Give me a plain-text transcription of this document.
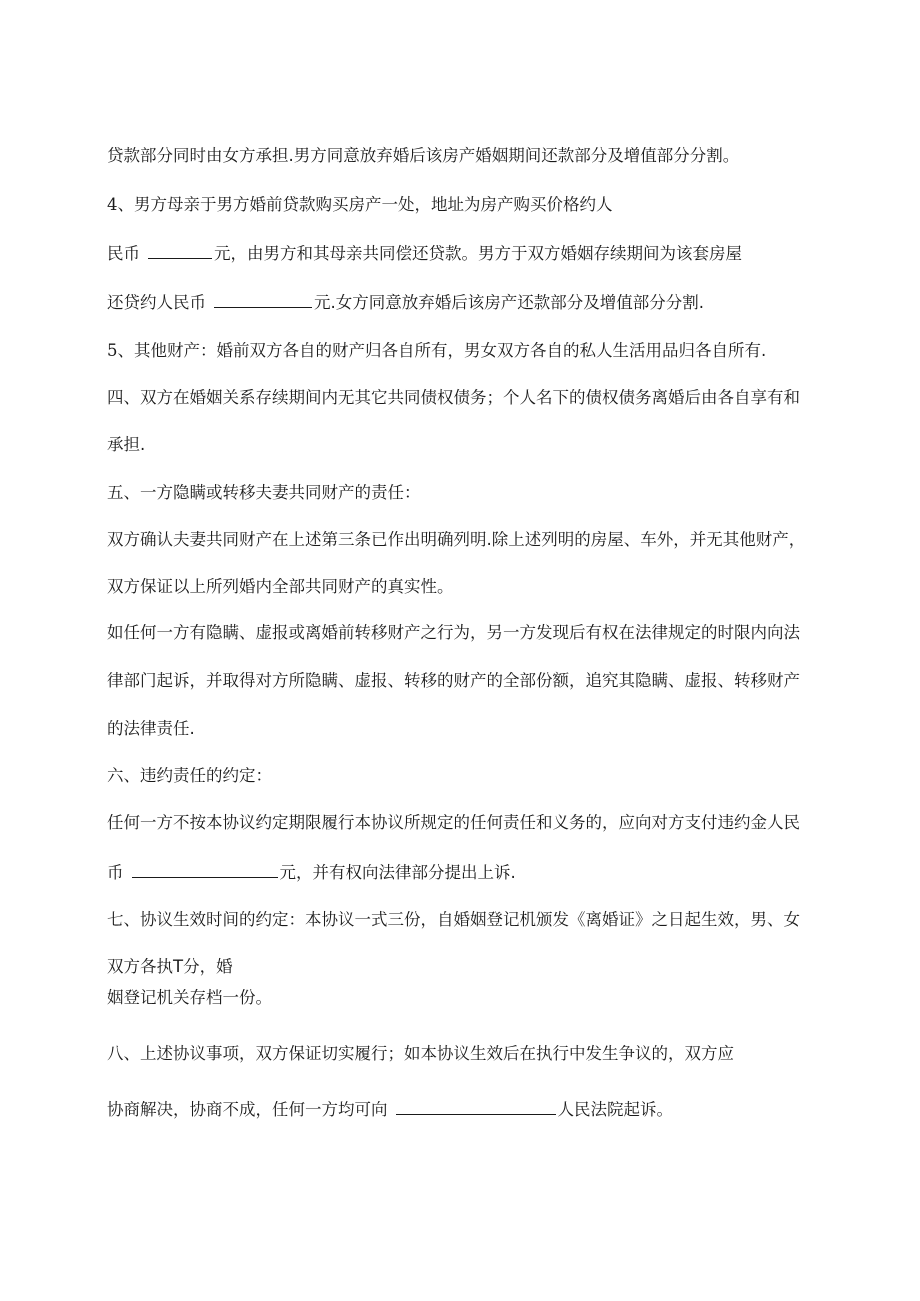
贷款部分同时由女方承担.男方同意放弃婚后该房产婚姻期间还款部分及增值部分分割。
4、男方母亲于男方婚前贷款购买房产一处，地址为房产购买价格约人
民币	元，由男方和其母亲共同偿还贷款。男方于双方婚姻存续期间为该套房屋
还贷约人民币	元.女方同意放弃婚后该房产还款部分及增值部分分割.
5、其他财产：婚前双方各自的财产归各自所有，男女双方各自的私人生活用品归各自所有.
四、双方在婚姻关系存续期间内无其它共同债权债务；个人名下的债权债务离婚后由各自享有和
承担.
五、一方隐瞒或转移夫妻共同财产的责任：
双方确认夫妻共同财产在上述第三条已作出明确列明.除上述列明的房屋、车外，并无其他财产，
双方保证以上所列婚内全部共同财产的真实性。
如任何一方有隐瞒、虚报或离婚前转移财产之行为，另一方发现后有权在法律规定的时限内向法
律部门起诉，并取得对方所隐瞒、虚报、转移的财产的全部份额，追究其隐瞒、虚报、转移财产
的法律责任.
六、违约责任的约定：
任何一方不按本协议约定期限履行本协议所规定的任何责任和义务的，应向对方支付违约金人民
币	元，并有权向法律部分提出上诉.
七、协议生效时间的约定：本协议一式三份，自婚姻登记机颁发《离婚证》之日起生效，男、女
双方各执T分，婚
姻登记机关存档一份。
八、上述协议事项，双方保证切实履行；如本协议生效后在执行中发生争议的，双方应
协商解决，协商不成，任何一方均可向	人民法院起诉。
